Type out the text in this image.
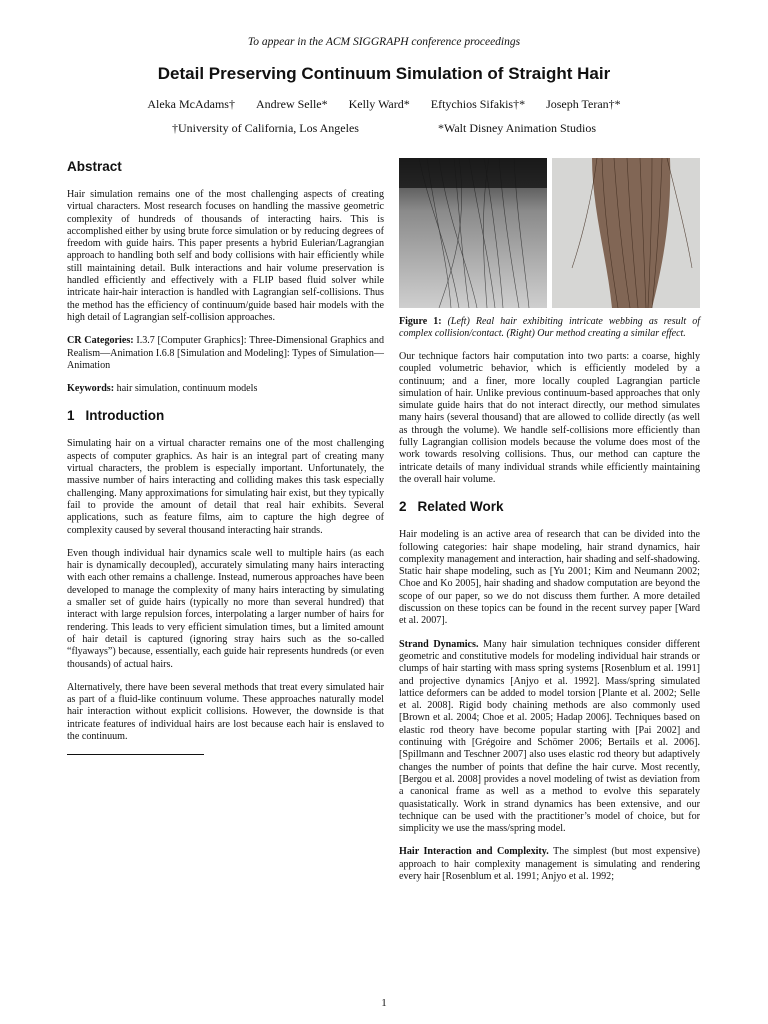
To appear in the ACM SIGGRAPH conference proceedings
Detail Preserving Continuum Simulation of Straight Hair
Aleka McAdams† Andrew Selle* Kelly Ward* Eftychios Sifakis†* Joseph Teran†*
†University of California, Los Angeles	*Walt Disney Animation Studios
Abstract

Hair simulation remains one of the most challenging aspects of creating virtual characters. Most research focuses on handling the massive geometric complexity of hundreds of thousands of interacting hairs. This is accomplished either by using brute force simulation or by reducing degrees of freedom with guide hairs. This paper presents a hybrid Eulerian/Lagrangian approach to handling both self and body collisions with hair efficiently while still maintaining detail. Bulk interactions and hair volume preservation is handled efficiently and effectively with a FLIP based fluid solver while intricate hair-hair interaction is handled with Lagrangian self-collisions. Thus the method has the efficiency of continuum/guide based hair models with the high detail of Lagrangian self-collision approaches.

CR Categories: I.3.7 [Computer Graphics]: Three-Dimensional Graphics and Realism—Animation I.6.8 [Simulation and Modeling]: Types of Simulation—Animation

Keywords: hair simulation, continuum models

1 Introduction

Simulating hair on a virtual character remains one of the most challenging aspects of computer graphics. As hair is an integral part of creating many virtual characters, the problem is especially important. Unfortunately, the massive number of hairs interacting and colliding makes this task especially challenging. Many approximations for simulating hair exist, but they typically fail to provide the amount of detail that real hair exhibits. Several applications, such as feature films, aim to capture the high degree of complexity caused by several thousand interacting hair strands.

Even though individual hair dynamics scale well to multiple hairs (as each hair is dynamically decoupled), accurately simulating many hairs interacting with each other remains a challenge. Instead, numerous approaches have been developed to manage the complexity of many hairs interacting by simulating a smaller set of guide hairs (typically no more than several hundred) that interact with large repulsion forces, interpolating a larger number of hairs for rendering. This leads to very efficient simulation times, but a limited amount of hair detail is captured (ignoring stray hairs such as the so-called “flyaways”) because, essentially, each guide hair represents hundreds (or even thousands) of actual hairs.

Alternatively, there have been several methods that treat every simulated hair as part of a fluid-like continuum volume. These approaches naturally model hair interaction without explicit collisions. However, the downside is that intricate features of individual hairs are lost because each hair is enslaved to the continuum.

Figure 1: (Left) Real hair exhibiting intricate webbing as result of complex collision/contact. (Right) Our method creating a similar effect.

Our technique factors hair computation into two parts: a coarse, highly coupled volumetric behavior, which is efficiently modeled by a continuum; and a finer, more locally coupled Lagrangian particle simulation of hair. Unlike previous continuum-based approaches that only simulate guide hairs that do not interact directly, our method simulates many hairs (several thousand) that are allowed to collide directly (as well as through the volume). We handle self-collisions more efficiently than fully Lagrangian collision models because the volume does most of the work towards resolving collisions. Thus, our method can capture the intricate details of many individual strands while efficiently maintaining the overall hair volume.

2 Related Work

Hair modeling is an active area of research that can be divided into the following categories: hair shape modeling, hair strand dynamics, hair complexity management and interaction, hair shading and self-shadowing. Static hair shape modeling, such as [Yu 2001; Kim and Neumann 2002; Choe and Ko 2005], hair shading and shadow computation are beyond the scope of our paper, so we do not discuss them further. A more detailed discussion on these topics can be found in the recent survey paper [Ward et al. 2007].

Strand Dynamics. Many hair simulation techniques consider different geometric and constitutive models for modeling individual hair strands or clumps of hair starting with mass spring systems [Rosenblum et al. 1991] and projective dynamics [Anjyo et al. 1992]. Mass/spring simulated lattice deformers can be added to model torsion [Plante et al. 2002; Selle et al. 2008]. Rigid body chaining methods are also commonly used [Brown et al. 2004; Choe et al. 2005; Hadap 2006]. Techniques based on elastic rod theory have become popular starting with [Pai 2002] and continuing with [Grégoire and Schömer 2006; Bertails et al. 2006]. [Spillmann and Teschner 2007] also uses elastic rod theory but adaptively changes the number of points that define the hair curve. Most recently, [Bergou et al. 2008] provides a novel modeling of twist as deviation from a canonical frame as well as a method to evolve this separately quasistatically. Work in strand dynamics has been extensive, and our technique can be used with the practitioner’s model of choice, but for simplicity we use the mass/spring model.

Hair Interaction and Complexity. The simplest (but most expensive) approach to hair complexity management is simulating and rendering every hair [Rosenblum et al. 1991; Anjyo et al. 1992;

1
